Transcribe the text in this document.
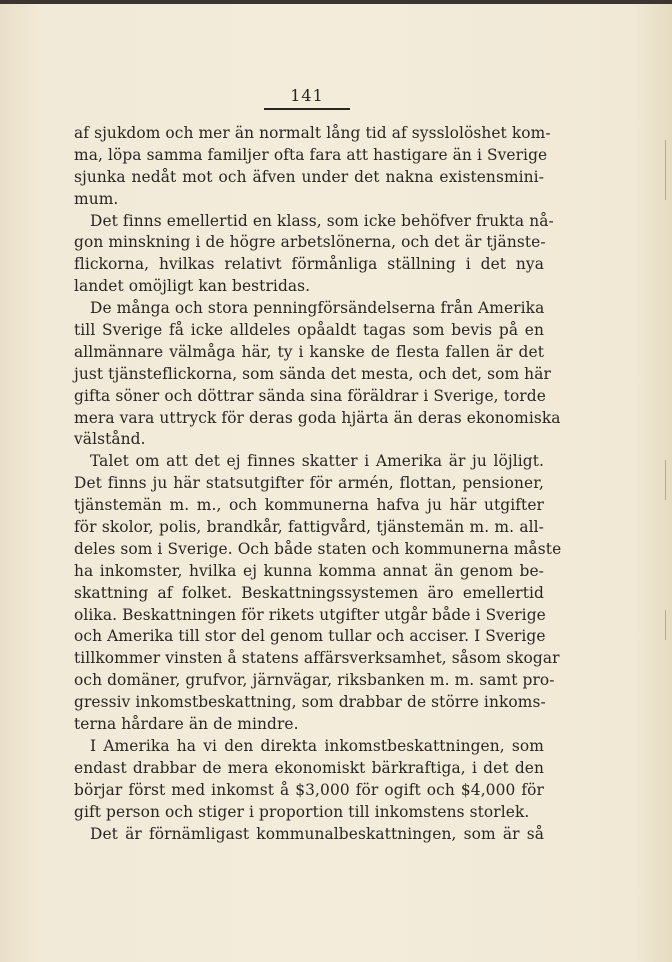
141
af sjukdom och mer än normalt lång tid af sysslolöshet kom-
ma, löpa samma familjer ofta fara att hastigare än i Sverige
sjunka nedåt mot och äfven under det nakna existensmini-
mum.
Det finns emellertid en klass, som icke behöfver frukta nå-
gon minskning i de högre arbetslönerna, och det är tjänste-
flickorna, hvilkas relativt förmånliga ställning i det nya
landet omöjligt kan bestridas.
De många och stora penningförsändelserna från Amerika
till Sverige få icke alldeles opåaldt tagas som bevis på en
allmännare välmåga här, ty i kanske de flesta fallen är det
just tjänsteflickorna, som sända det mesta, och det, som här
gifta söner och döttrar sända sina föräldrar i Sverige, torde
mera vara uttryck för deras goda hjärta än deras ekonomiska
välstånd.
Talet om att det ej finnes skatter i Amerika är ju löjligt.
Det finns ju här statsutgifter för armén, flottan, pensioner,
tjänstemän m. m., och kommunerna hafva ju här utgifter
för skolor, polis, brandkår, fattigvård, tjänstemän m. m. all-
deles som i Sverige. Och både staten och kommunerna måste
ha inkomster, hvilka ej kunna komma annat än genom be-
skattning af folket. Beskattningssystemen äro emellertid
olika. Beskattningen för rikets utgifter utgår både i Sverige
och Amerika till stor del genom tullar och acciser. I Sverige
tillkommer vinsten å statens affärsverksamhet, såsom skogar
och domäner, grufvor, järnvägar, riksbanken m. m. samt pro-
gressiv inkomstbeskattning, som drabbar de större inkoms-
terna hårdare än de mindre.
I Amerika ha vi den direkta inkomstbeskattningen, som
endast drabbar de mera ekonomiskt bärkraftiga, i det den
börjar först med inkomst å $3,000 för ogift och $4,000 för
gift person och stiger i proportion till inkomstens storlek.
Det är förnämligast kommunalbeskattningen, som är så
